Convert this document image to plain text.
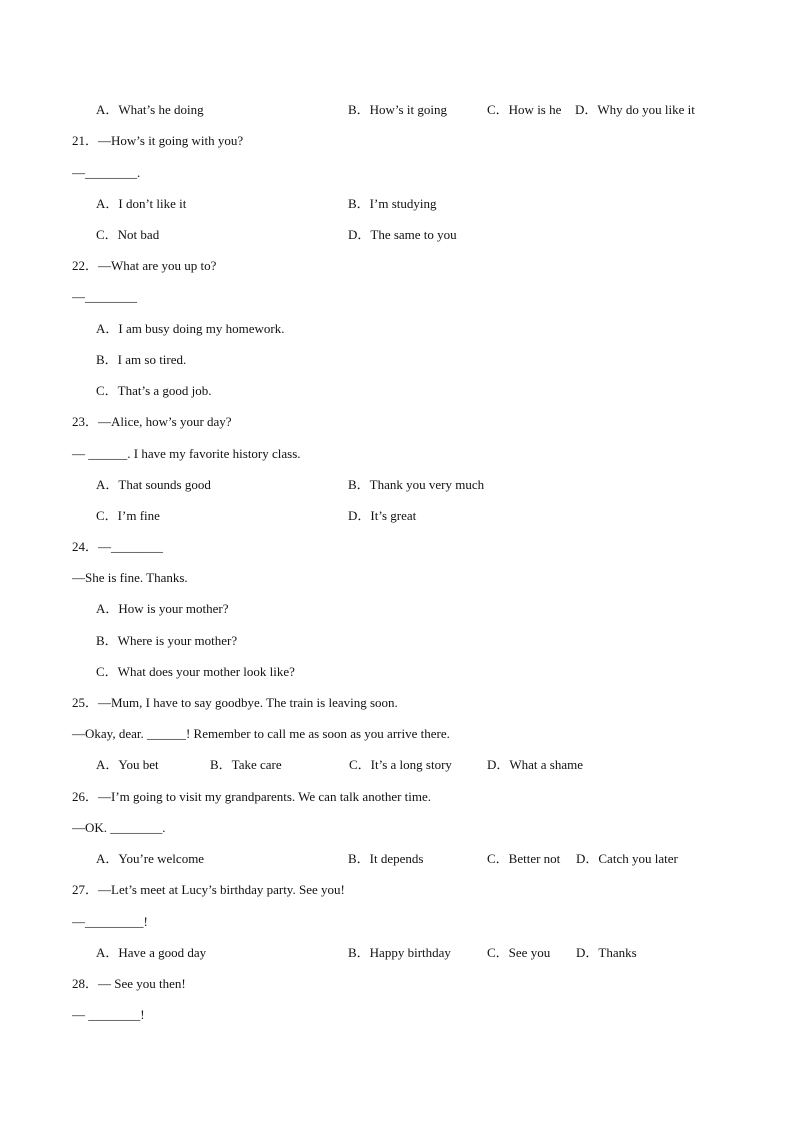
A．What’s he doing	B．How’s it going	C．How is he D．Why do you like it
21．—How’s it going with you?
—________.
A．I don’t like it	B．I’m studying
C．Not bad	D．The same to you
22．—What are you up to?
—________
A．I am busy doing my homework.
B．I am so tired.
C．That’s a good job.
23．—Alice, how’s your day?
— ______. I have my favorite history class.
A．That sounds good	B．Thank you very much
C．I’m fine	D．It’s great
24．—________
—She is fine. Thanks.
A．How is your mother?
B．Where is your mother?
C．What does your mother look like?
25．—Mum, I have to say goodbye. The train is leaving soon.
—Okay, dear. ______! Remember to call me as soon as you arrive there.
A．You bet	B．Take care	C．It’s a long story	D．What a shame
26．—I’m going to visit my grandparents. We can talk another time.
—OK. ________.
A．You’re welcome	B．It depends	C．Better not D．Catch you later
27．—Let’s meet at Lucy’s birthday party. See you!
—_________!
A．Have a good day	B．Happy birthday	C．See you D．Thanks
28．— See you then!
— ________!
